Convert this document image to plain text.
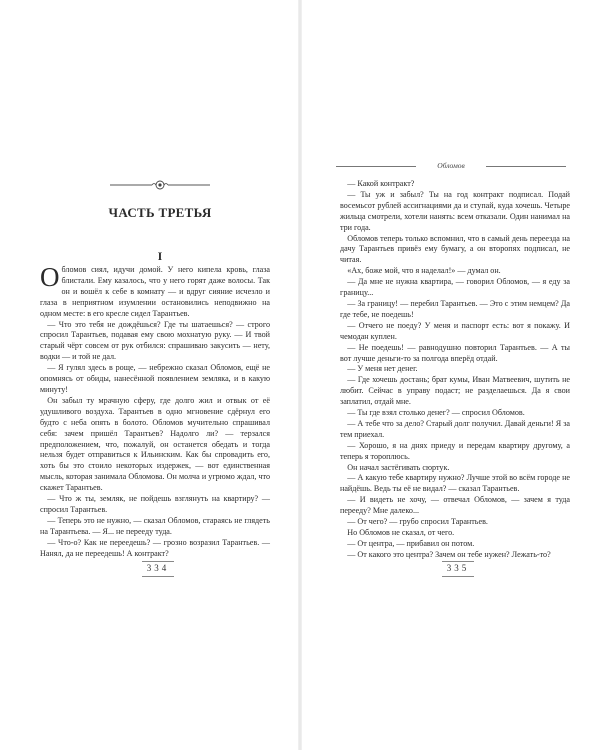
ЧАСТЬ ТРЕТЬЯ
I

Обломов сиял, идучи домой. У него кипела кровь, глаза блистали. Ему казалось, что у него горят даже волосы. Так он и вошёл к себе в комнату — и вдруг сияние исчезло и глаза в неприятном изумлении остановились неподвижно на одном месте: в его кресле сидел Тарантьев.

— Что это тебя не дождёшься? Где ты шатаешься? — строго спросил Тарантьев, подавая ему свою мохнатую руку. — И твой старый чёрт совсем от рук отбился: спрашиваю закусить — нету, водки — и той не дал.

— Я гулял здесь в роще, — небрежно сказал Обломов, ещё не опомнясь от обиды, нанесённой появлением земляка, и в какую минуту!

Он забыл ту мрачную сферу, где долго жил и отвык от её удушливого воздуха. Тарантьев в одно мгновение сдёрнул его будто с неба опять в болото. Обломов мучительно спрашивал себя: зачем пришёл Тарантьев? Надолго ли? — терзался предположением, что, пожалуй, он останется обедать и тогда нельзя будет отправиться к Ильинским. Как бы спровадить его, хоть бы это стоило некоторых издержек, — вот единственная мысль, которая занимала Обломова. Он молча и угрюмо ждал, что скажет Тарантьев.

— Что ж ты, земляк, не пойдешь взглянуть на квартиру? — спросил Тарантьев.

— Теперь это не нужно, — сказал Обломов, стараясь не глядеть на Тарантьева. — Я... не перееду туда.

— Что-о? Как не переедешь? — грозно возразил Тарантьев. — Нанял, да не переедешь! А контракт?

334
Обломов

— Какой контракт?

— Ты уж и забыл? Ты на год контракт подписал. Подай восемьсот рублей ассигнациями да и ступай, куда хочешь. Четыре жильца смотрели, хотели нанять: всем отказали. Один нанимал на три года.

Обломов теперь только вспомнил, что в самый день переезда на дачу Тарантьев привёз ему бумагу, а он второпях подписал, не читая.

«Ах, боже мой, что я наделал!» — думал он.

— Да мне не нужна квартира, — говорил Обломов, — я еду за границу...

— За границу! — перебил Тарантьев. — Это с этим немцем? Да где тебе, не поедешь!

— Отчего не поеду? У меня и паспорт есть: вот я покажу. И чемодан куплен.

— Не поедешь! — равнодушно повторил Тарантьев. — А ты вот лучше деньги-то за полгода вперёд отдай.

— У меня нет денег.

— Где хочешь достань; брат кумы, Иван Матвеевич, шутить не любит. Сейчас в управу подаст; не разделаешься. Да я свои заплатил, отдай мне.

— Ты где взял столько денег? — спросил Обломов.

— А тебе что за дело? Старый долг получил. Давай деньги! Я за тем приехал.

— Хорошо, я на днях приеду и передам квартиру другому, а теперь я тороплюсь.

Он начал застёгивать сюртук.

— А какую тебе квартиру нужно? Лучше этой во всём городе не найдёшь. Ведь ты её не видал? — сказал Тарантьев.

— И видеть не хочу, — отвечал Обломов, — зачем я туда перееду? Мне далеко...

— От чего? — грубо спросил Тарантьев.

Но Обломов не сказал, от чего.

— От центра, — прибавил он потом.

— От какого это центра? Зачем он тебе нужен? Лежать-то?

335
